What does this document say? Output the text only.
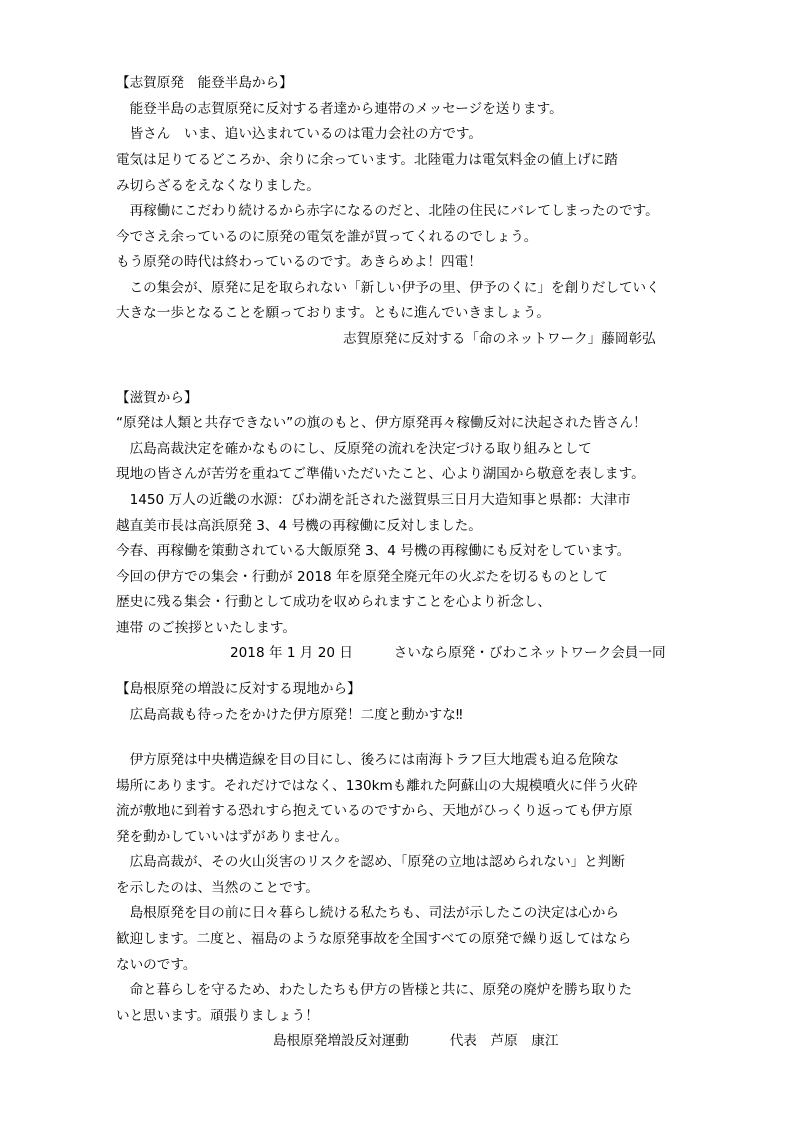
【志賀原発　能登半島から】
　能登半島の志賀原発に反対する者達から連帯のメッセージを送ります。
　皆さん　いま、追い込まれているのは電力会社の方です。
電気は足りてるどころか、余りに余っています。北陸電力は電気料金の値上げに踏
み切らざるをえなくなりました。
　再稼働にこだわり続けるから赤字になるのだと、北陸の住民にバレてしまったのです。
今でさえ余っているのに原発の電気を誰が買ってくれるのでしょう。
もう原発の時代は終わっているのです。あきらめよ！四電！
　この集会が、原発に足を取られない「新しい伊予の里、伊予のくに」を創りだしていく
大きな一歩となることを願っております。ともに進んでいきましょう。
志賀原発に反対する「命のネットワーク」藤岡彰弘
【滋賀から】
“原発は人類と共存できない”の旗のもと、伊方原発再々稼働反対に決起された皆さん！
　広島高裁決定を確かなものにし、反原発の流れを決定づける取り組みとして
現地の皆さんが苦労を重ねてご準備いただいたこと、心より湖国から敬意を表します。
　1450 万人の近畿の水源：びわ湖を託された滋賀県三日月大造知事と県都：大津市
越直美市長は高浜原発 3、4 号機の再稼働に反対しました。
今春、再稼働を策動されている大飯原発 3、4 号機の再稼働にも反対をしています。
今回の伊方での集会・行動が 2018 年を原発全廃元年の火ぶたを切るものとして
歴史に残る集会・行動として成功を収められますことを心より祈念し、
連帯 のご挨拶といたします。
2018 年 1 月 20 日　　　さいなら原発・びわこネットワーク会員一同
【島根原発の増設に反対する現地から】
　広島高裁も待ったをかけた伊方原発！二度と動かすな‼
　伊方原発は中央構造線を目の目にし、後ろには南海トラフ巨大地震も迫る危険な
場所にあります。それだけではなく、130kmも離れた阿蘇山の大規模噴火に伴う火砕
流が敷地に到着する恐れすら抱えているのですから、天地がひっくり返っても伊方原
発を動かしていいはずがありません。
　広島高裁が、その火山災害のリスクを認め、「原発の立地は認められない」と判断
を示したのは、当然のことです。
　島根原発を目の前に日々暮らし続ける私たちも、司法が示したこの決定は心から
歓迎します。二度と、福島のような原発事故を全国すべての原発で繰り返してはなら
ないのです。
　命と暮らしを守るため、わたしたちも伊方の皆様と共に、原発の廃炉を勝ち取りた
いと思います。頑張りましょう！
島根原発増設反対運動　　　代表　芦原　康江
